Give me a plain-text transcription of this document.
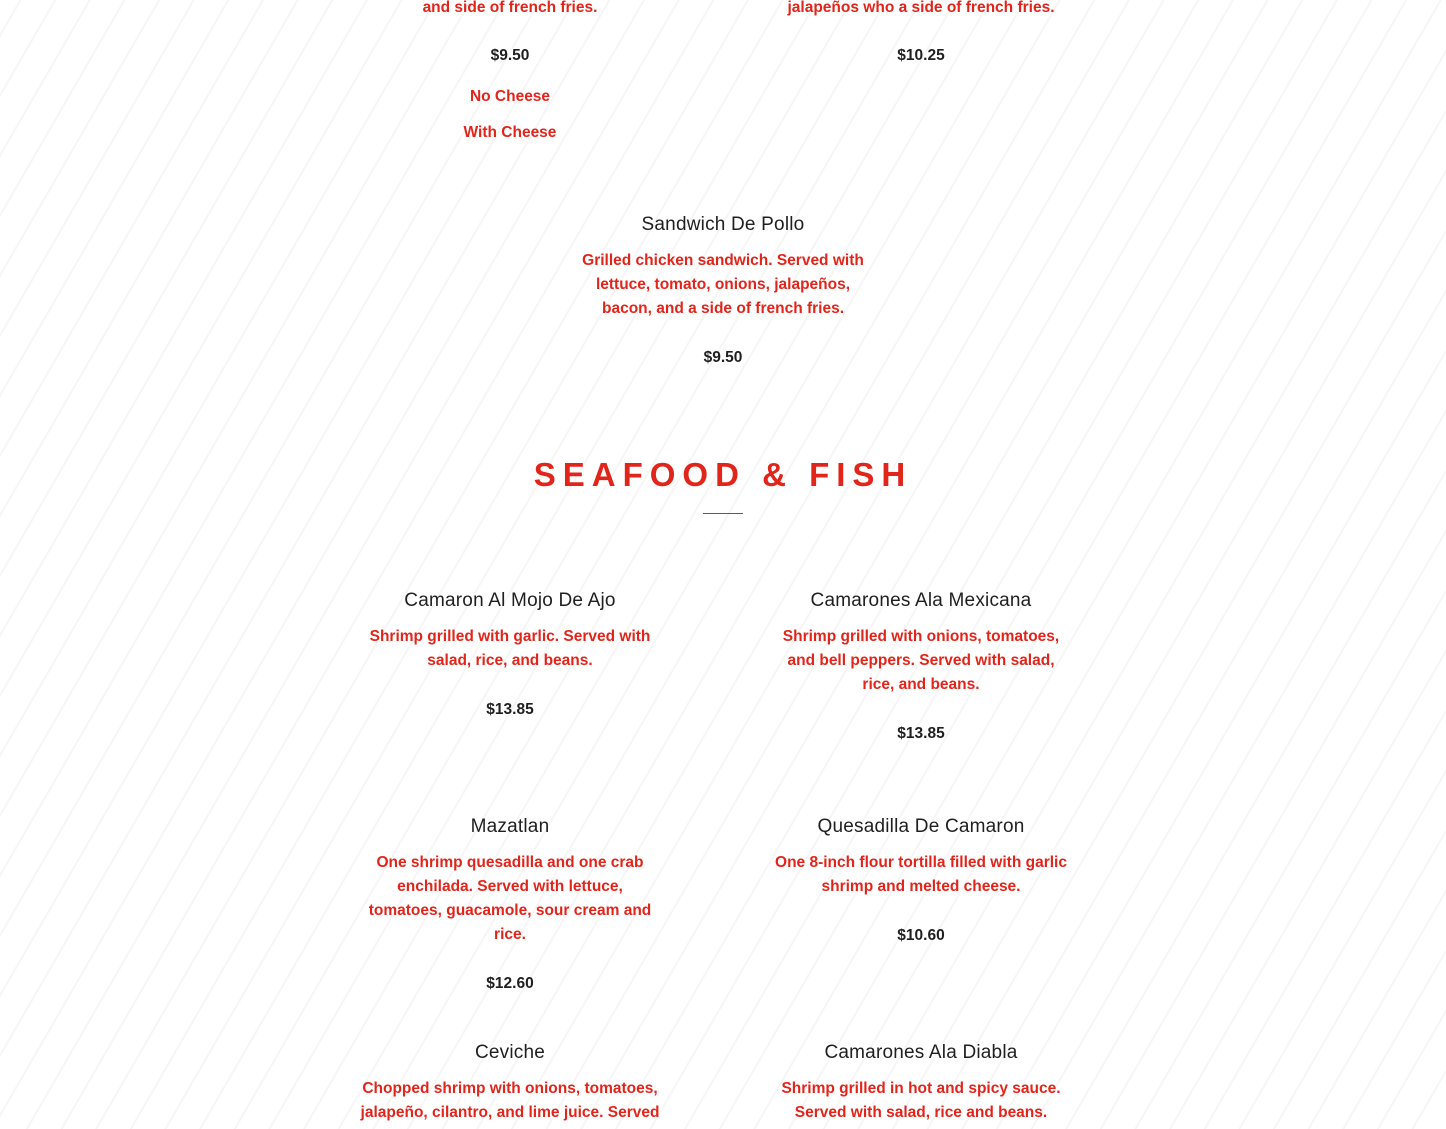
and side of french fries.
$9.50
No Cheese
With Cheese
jalapeños who a side of french fries.
$10.25
Sandwich De Pollo
Grilled chicken sandwich. Served with lettuce, tomato, onions, jalapeños, bacon, and a side of french fries.
$9.50
SEAFOOD & FISH
Camaron Al Mojo De Ajo
Shrimp grilled with garlic. Served with salad, rice, and beans.
$13.85
Camarones Ala Mexicana
Shrimp grilled with onions, tomatoes, and bell peppers. Served with salad, rice, and beans.
$13.85
Mazatlan
One shrimp quesadilla and one crab enchilada. Served with lettuce, tomatoes, guacamole, sour cream and rice.
$12.60
Quesadilla De Camaron
One 8-inch flour tortilla filled with garlic shrimp and melted cheese.
$10.60
Ceviche
Chopped shrimp with onions, tomatoes, jalapeño, cilantro, and lime juice. Served
Camarones Ala Diabla
Shrimp grilled in hot and spicy sauce. Served with salad, rice and beans.
